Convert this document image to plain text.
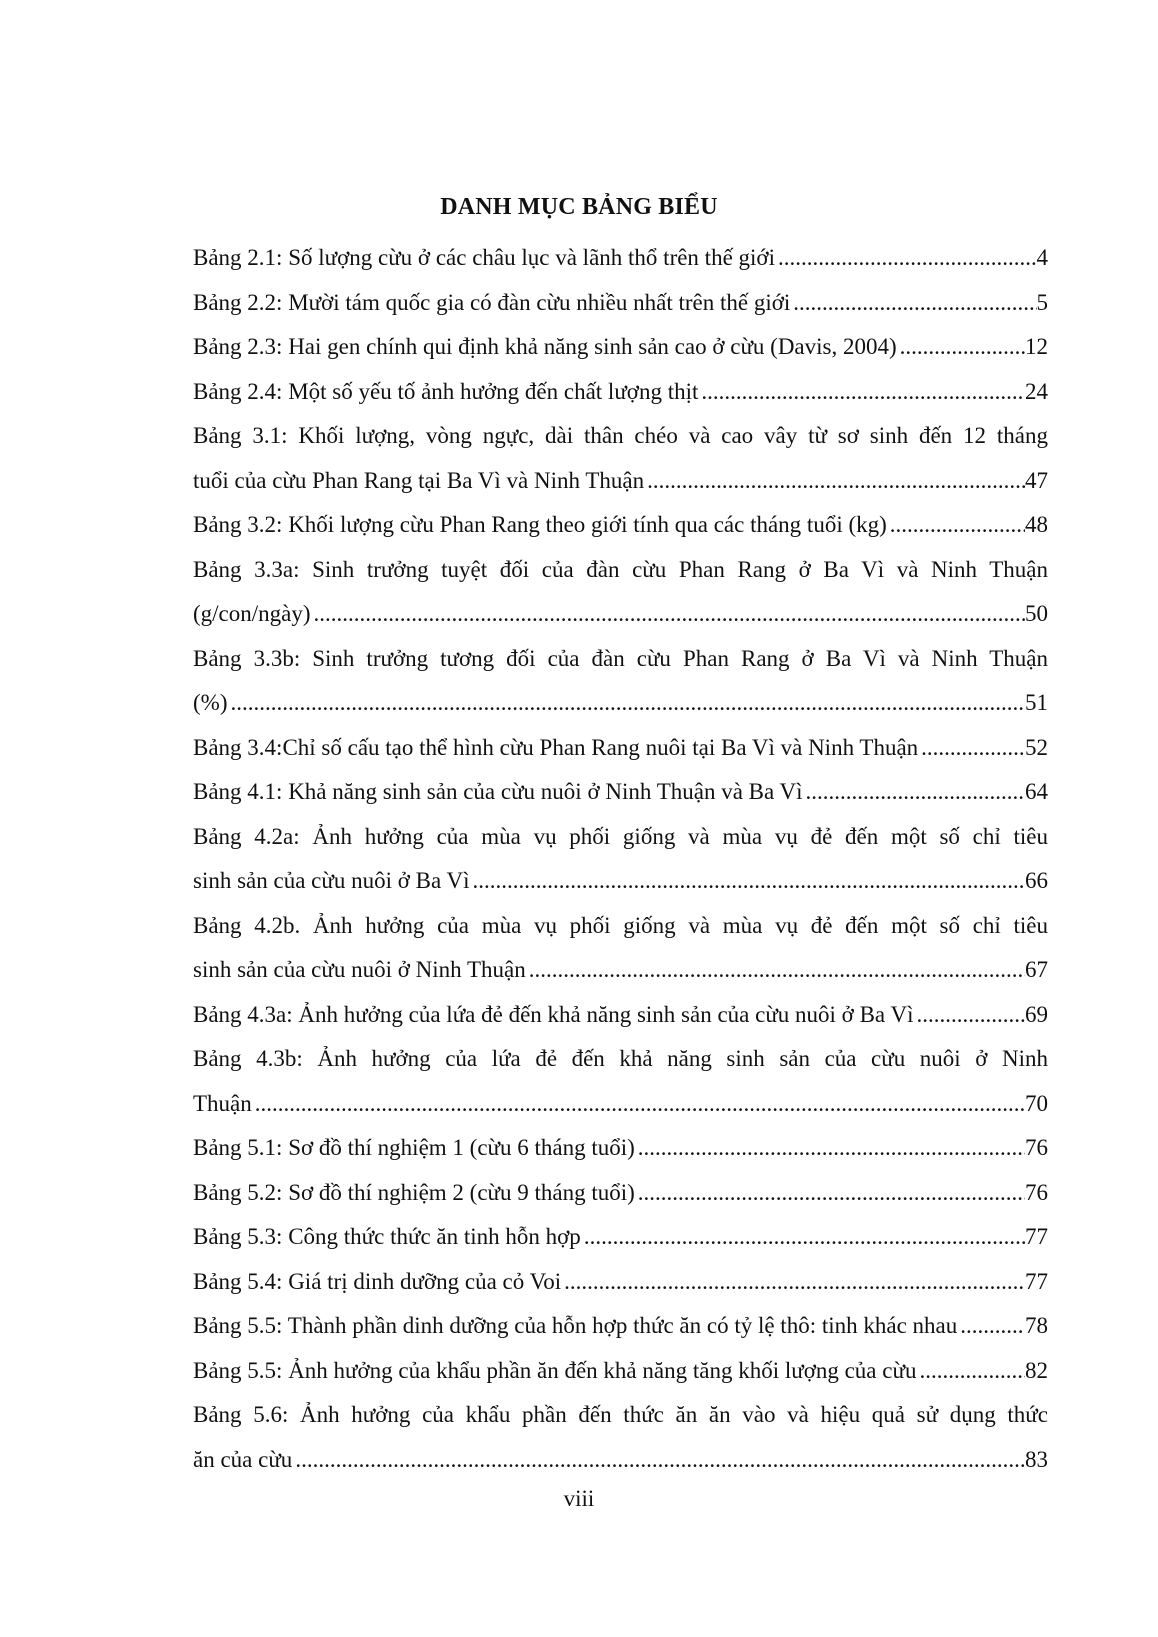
DANH MỤC BẢNG BIỂU
Bảng 2.1: Số lượng cừu ở các châu lục và lãnh thổ trên thế giới .....	4
Bảng 2.2: Mười tám quốc gia có đàn cừu nhiều nhất trên thế giới .....	5
Bảng 2.3: Hai gen chính qui định khả năng sinh sản cao ở cừu (Davis, 2004) .....	12
Bảng 2.4: Một số yếu tố ảnh hưởng đến chất lượng thịt .....	24
Bảng 3.1: Khối lượng, vòng ngực, dài thân chéo và cao vây từ sơ sinh đến 12 tháng
tuổi của cừu Phan Rang tại Ba Vì và Ninh Thuận .....	47
Bảng 3.2: Khối lượng cừu Phan Rang theo giới tính qua các tháng tuổi (kg) .....	48
Bảng 3.3a: Sinh trưởng tuyệt đối của đàn cừu Phan Rang ở Ba Vì và Ninh Thuận
(g/con/ngày) .....	50
Bảng 3.3b: Sinh trưởng tương đối của đàn cừu Phan Rang ở Ba Vì và Ninh Thuận
(%) .....	51
Bảng 3.4:Chỉ số cấu tạo thể hình cừu Phan Rang nuôi tại Ba Vì và Ninh Thuận .....	52
Bảng 4.1: Khả năng sinh sản của cừu nuôi ở Ninh Thuận và Ba Vì .....	64
Bảng 4.2a: Ảnh hưởng của mùa vụ phối giống và mùa vụ đẻ đến một số chỉ tiêu
sinh sản của cừu nuôi ở Ba Vì .....	66
Bảng 4.2b. Ảnh hưởng của mùa vụ phối giống và mùa vụ đẻ đến một số chỉ tiêu
sinh sản của cừu nuôi ở Ninh Thuận .....	67
Bảng 4.3a: Ảnh hưởng của lứa đẻ đến khả năng sinh sản của cừu nuôi ở Ba Vì .....	69
Bảng 4.3b: Ảnh hưởng của lứa đẻ đến khả năng sinh sản của cừu nuôi ở Ninh
Thuận .....	70
Bảng 5.1: Sơ đồ thí nghiệm 1 (cừu 6 tháng tuổi) .....	76
Bảng 5.2: Sơ đồ thí nghiệm 2 (cừu 9 tháng tuổi) .....	76
Bảng 5.3: Công thức thức ăn tinh hỗn hợp .....	77
Bảng 5.4: Giá trị dinh dưỡng của cỏ Voi .....	77
Bảng 5.5: Thành phần dinh dưỡng của hỗn hợp thức ăn có tỷ lệ thô: tinh khác nhau .....	78
Bảng 5.5: Ảnh hưởng của khẩu phần ăn đến khả năng tăng khối lượng của cừu .....	82
Bảng 5.6: Ảnh hưởng của khẩu phần đến thức ăn ăn vào và hiệu quả sử dụng thức
ăn của cừu .....	83
viii
